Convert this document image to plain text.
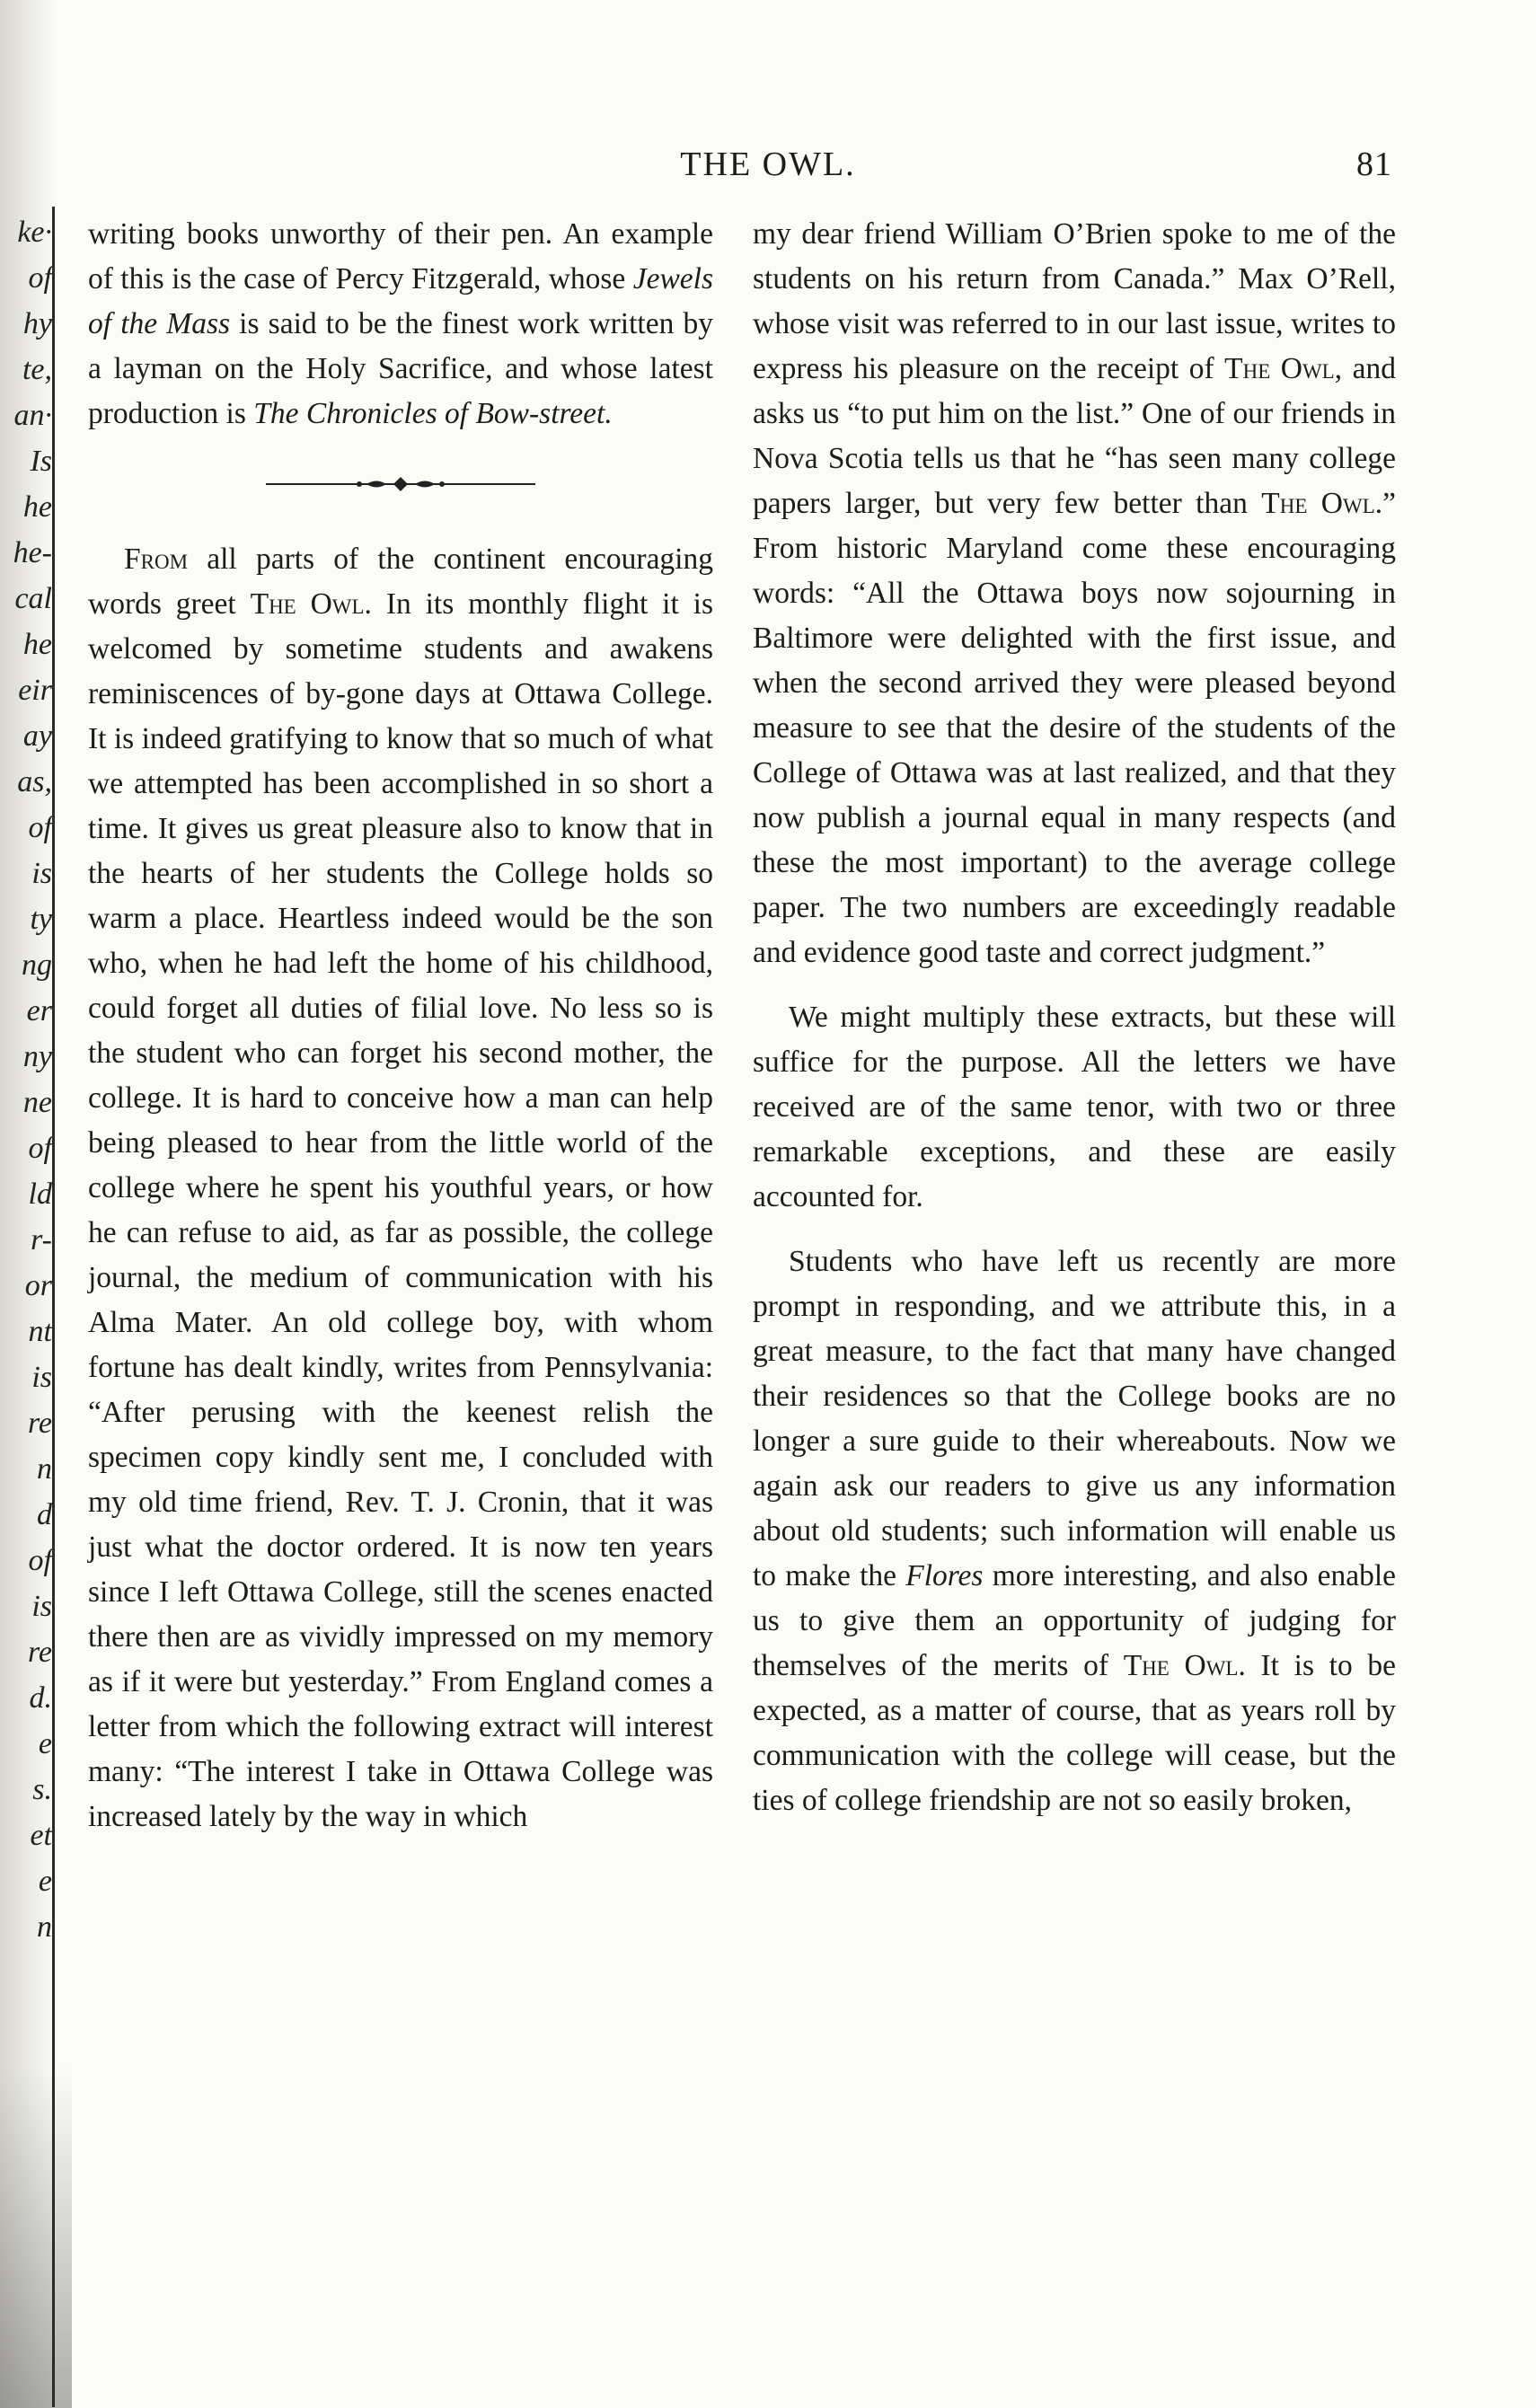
ke·
of
hy
te,
an·
Is
he
he-
cal
he
eir
ay
as,
of
is
ty
ng
er
ny
ne
of
ld
r-
or
nt
is
re
n
d
of
is
re
d.
e
s.
et
e
n
THE OWL.	81

writing books unworthy of their pen. An example of this is the case of Percy Fitzgerald, whose Jewels of the Mass is said to be the finest work written by a layman on the Holy Sacrifice, and whose latest production is The Chronicles of Bow-street.

From all parts of the continent encouraging words greet The Owl. In its monthly flight it is welcomed by sometime students and awakens reminiscences of by-gone days at Ottawa College. It is indeed gratifying to know that so much of what we attempted has been accomplished in so short a time. It gives us great pleasure also to know that in the hearts of her students the College holds so warm a place. Heartless indeed would be the son who, when he had left the home of his childhood, could forget all duties of filial love. No less so is the student who can forget his second mother, the college. It is hard to conceive how a man can help being pleased to hear from the little world of the college where he spent his youthful years, or how he can refuse to aid, as far as possible, the college journal, the medium of communication with his Alma Mater. An old college boy, with whom fortune has dealt kindly, writes from Pennsylvania: “After perusing with the keenest relish the specimen copy kindly sent me, I concluded with my old time friend, Rev. T. J. Cronin, that it was just what the doctor ordered. It is now ten years since I left Ottawa College, still the scenes enacted there then are as vividly impressed on my memory as if it were but yesterday.” From England comes a letter from which the following extract will interest many: “The interest I take in Ottawa College was increased lately by the way in which

my dear friend William O’Brien spoke to me of the students on his return from Canada.” Max O’Rell, whose visit was referred to in our last issue, writes to express his pleasure on the receipt of The Owl, and asks us “to put him on the list.” One of our friends in Nova Scotia tells us that he “has seen many college papers larger, but very few better than The Owl.” From historic Maryland come these encouraging words: “All the Ottawa boys now sojourning in Baltimore were delighted with the first issue, and when the second arrived they were pleased beyond measure to see that the desire of the students of the College of Ottawa was at last realized, and that they now publish a journal equal in many respects (and these the most important) to the average college paper. The two numbers are exceedingly readable and evidence good taste and correct judgment.”

We might multiply these extracts, but these will suffice for the purpose. All the letters we have received are of the same tenor, with two or three remarkable exceptions, and these are easily accounted for.

Students who have left us recently are more prompt in responding, and we attribute this, in a great measure, to the fact that many have changed their residences so that the College books are no longer a sure guide to their whereabouts. Now we again ask our readers to give us any information about old students; such information will enable us to make the Flores more interesting, and also enable us to give them an opportunity of judging for themselves of the merits of The Owl. It is to be expected, as a matter of course, that as years roll by communication with the college will cease, but the ties of college friendship are not so easily broken,
